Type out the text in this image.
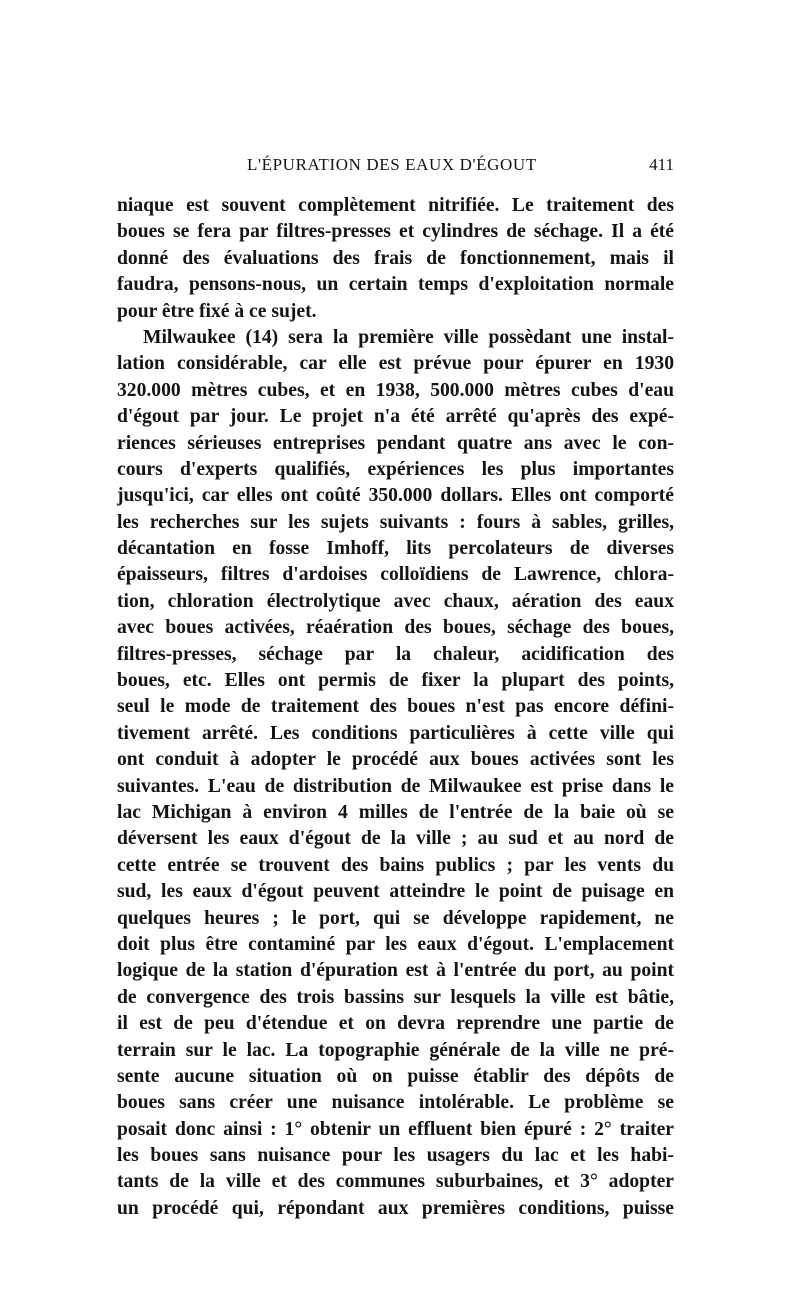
L'ÉPURATION DES EAUX D'ÉGOUT	411
niaque est souvent complètement nitrifiée. Le traitement des
boues se fera par filtres-presses et cylindres de séchage. Il a été
donné des évaluations des frais de fonctionnement, mais il
faudra, pensons-nous, un certain temps d'exploitation normale
pour être fixé à ce sujet.
Milwaukee (14) sera la première ville possèdant une instal-
lation considérable, car elle est prévue pour épurer en 1930
320.000 mètres cubes, et en 1938, 500.000 mètres cubes d'eau
d'égout par jour. Le projet n'a été arrêté qu'après des expé-
riences sérieuses entreprises pendant quatre ans avec le con-
cours d'experts qualifiés, expériences les plus importantes
jusqu'ici, car elles ont coûté 350.000 dollars. Elles ont comporté
les recherches sur les sujets suivants : fours à sables, grilles,
décantation en fosse Imhoff, lits percolateurs de diverses
épaisseurs, filtres d'ardoises colloïdiens de Lawrence, chlora-
tion, chloration électrolytique avec chaux, aération des eaux
avec boues activées, réaération des boues, séchage des boues,
filtres-presses, séchage par la chaleur, acidification des
boues, etc. Elles ont permis de fixer la plupart des points,
seul le mode de traitement des boues n'est pas encore défini-
tivement arrêté. Les conditions particulières à cette ville qui
ont conduit à adopter le procédé aux boues activées sont les
suivantes. L'eau de distribution de Milwaukee est prise dans le
lac Michigan à environ 4 milles de l'entrée de la baie où se
déversent les eaux d'égout de la ville ; au sud et au nord de
cette entrée se trouvent des bains publics ; par les vents du
sud, les eaux d'égout peuvent atteindre le point de puisage en
quelques heures ; le port, qui se développe rapidement, ne
doit plus être contaminé par les eaux d'égout. L'emplacement
logique de la station d'épuration est à l'entrée du port, au point
de convergence des trois bassins sur lesquels la ville est bâtie,
il est de peu d'étendue et on devra reprendre une partie de
terrain sur le lac. La topographie générale de la ville ne pré-
sente aucune situation où on puisse établir des dépôts de
boues sans créer une nuisance intolérable. Le problème se
posait donc ainsi : 1° obtenir un effluent bien épuré : 2° traiter
les boues sans nuisance pour les usagers du lac et les habi-
tants de la ville et des communes suburbaines, et 3° adopter
un procédé qui, répondant aux premières conditions, puisse
